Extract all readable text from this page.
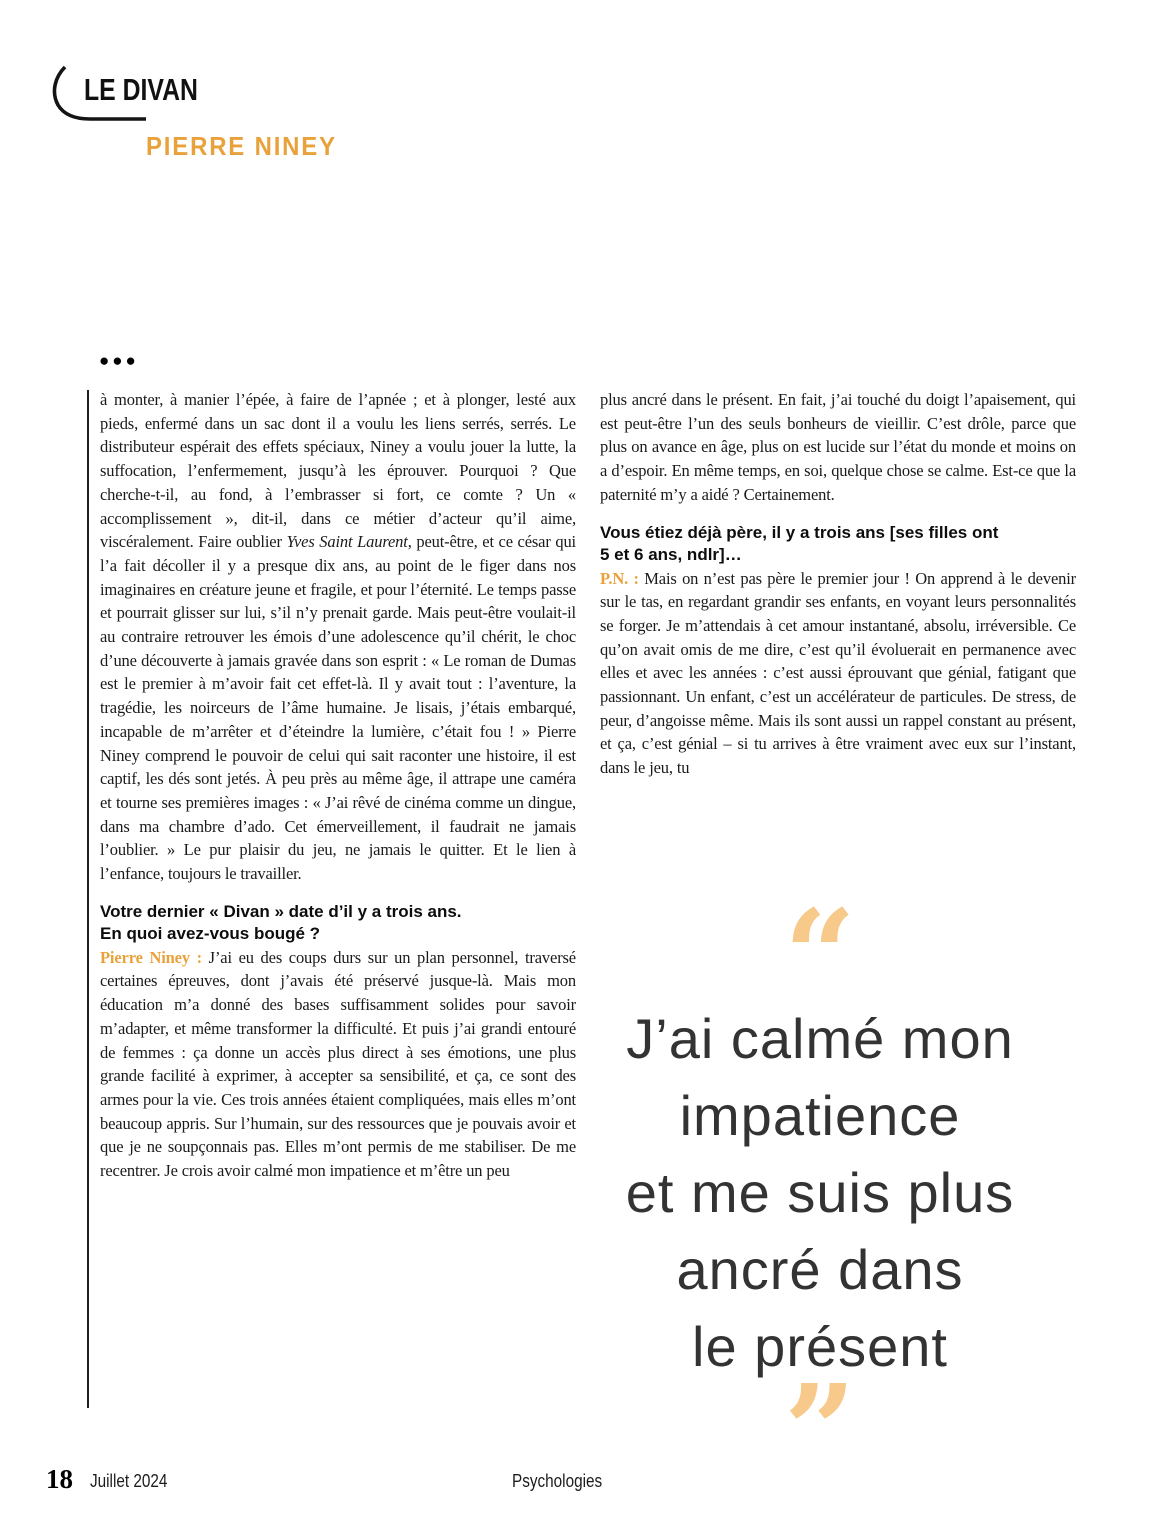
LE DIVAN
PIERRE NINEY
●●●

à monter, à manier l’épée, à faire de l’apnée ; et à plonger, lesté aux pieds, enfermé dans un sac dont il a voulu les liens serrés, serrés. Le distributeur espérait des effets spéciaux, Niney a voulu jouer la lutte, la suffocation, l’enfermement, jusqu’à les éprouver. Pourquoi ? Que cherche-t-il, au fond, à l’embrasser si fort, ce comte ? Un « accomplissement », dit-il, dans ce métier d’acteur qu’il aime, viscéralement. Faire oublier Yves Saint Laurent, peut-être, et ce césar qui l’a fait décoller il y a presque dix ans, au point de le figer dans nos imaginaires en créature jeune et fragile, et pour l’éternité. Le temps passe et pourrait glisser sur lui, s’il n’y prenait garde. Mais peut-être voulait-il au contraire retrouver les émois d’une adolescence qu’il chérit, le choc d’une découverte à jamais gravée dans son esprit : « Le roman de Dumas est le premier à m’avoir fait cet effet-là. Il y avait tout : l’aventure, la tragédie, les noirceurs de l’âme humaine. Je lisais, j’étais embarqué, incapable de m’arrêter et d’éteindre la lumière, c’était fou ! » Pierre Niney comprend le pouvoir de celui qui sait raconter une histoire, il est captif, les dés sont jetés. À peu près au même âge, il attrape une caméra et tourne ses premières images : « J’ai rêvé de cinéma comme un dingue, dans ma chambre d’ado. Cet émerveillement, il faudrait ne jamais l’oublier. » Le pur plaisir du jeu, ne jamais le quitter. Et le lien à l’enfance, toujours le travailler.

Votre dernier « Divan » date d’il y a trois ans.
En quoi avez-vous bougé ?

Pierre Niney : J’ai eu des coups durs sur un plan personnel, traversé certaines épreuves, dont j’avais été préservé jusque-là. Mais mon éducation m’a donné des bases suffisamment solides pour savoir m’adapter, et même transformer la difficulté. Et puis j’ai grandi entouré de femmes : ça donne un accès plus direct à ses émotions, une plus grande facilité à exprimer, à accepter sa sensibilité, et ça, ce sont des armes pour la vie. Ces trois années étaient compliquées, mais elles m’ont beaucoup appris. Sur l’humain, sur des ressources que je pouvais avoir et que je ne soupçonnais pas. Elles m’ont permis de me stabiliser. De me recentrer. Je crois avoir calmé mon impatience et m’être un peu

plus ancré dans le présent. En fait, j’ai touché du doigt l’apaisement, qui est peut-être l’un des seuls bonheurs de vieillir. C’est drôle, parce que plus on avance en âge, plus on est lucide sur l’état du monde et moins on a d’espoir. En même temps, en soi, quelque chose se calme. Est-ce que la paternité m’y a aidé ? Certainement.

Vous étiez déjà père, il y a trois ans [ses filles ont
5 et 6 ans, ndlr]…

P.N. : Mais on n’est pas père le premier jour ! On apprend à le devenir sur le tas, en regardant grandir ses enfants, en voyant leurs personnalités se forger. Je m’attendais à cet amour instantané, absolu, irréversible. Ce qu’on avait omis de me dire, c’est qu’il évoluerait en permanence avec elles et avec les années : c’est aussi éprouvant que génial, fatigant que passionnant. Un enfant, c’est un accélérateur de particules. De stress, de peur, d’angoisse même. Mais ils sont aussi un rappel constant au présent, et ça, c’est génial – si tu arrives à être vraiment avec eux sur l’instant, dans le jeu, tu

“
J’ai calmé mon
impatience
et me suis plus
ancré dans
le présent
”
18 Juillet 2024	Psychologies
